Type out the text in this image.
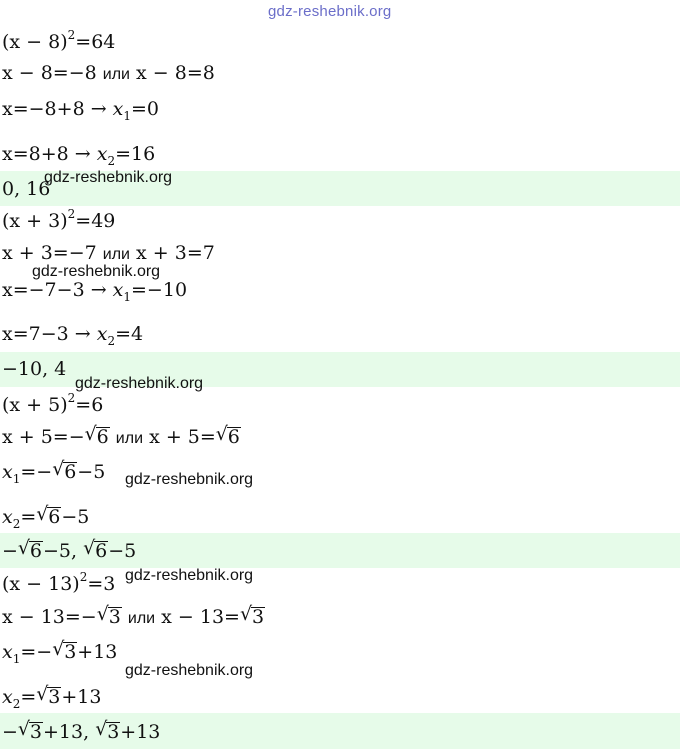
gdz-reshebnik.org
$(x - 8)^2=64$
x − 8=−8 или x − 8=8
$x=-8+8 \to x_1=0$
$x=8+8 \to x_2=16$
0, 16
gdz-reshebnik.org
$(x + 3)^2=49$
x + 3=−7 или x + 3=7
gdz-reshebnik.org
$x=-7-3 \to x_1=-10$
$x=7-3 \to x_2=4$
−10, 4
gdz-reshebnik.org
$(x + 5)^2=6$
x + 5=−√ 6 или x + 5=√ 6
$x_1=-√$ 6−5 gdz-reshebnik.org
$x_2=√$ 6−5
−√ 6−5, √ 6−5
$(x - 13)^2=3$ gdz-reshebnik.org
x − 13=−√ 3 или x − 13=√ 3
$x_1=-√$ 3+13
gdz-reshebnik.org
$x_2=√$ 3+13
−√ 3+13, √ 3+13
